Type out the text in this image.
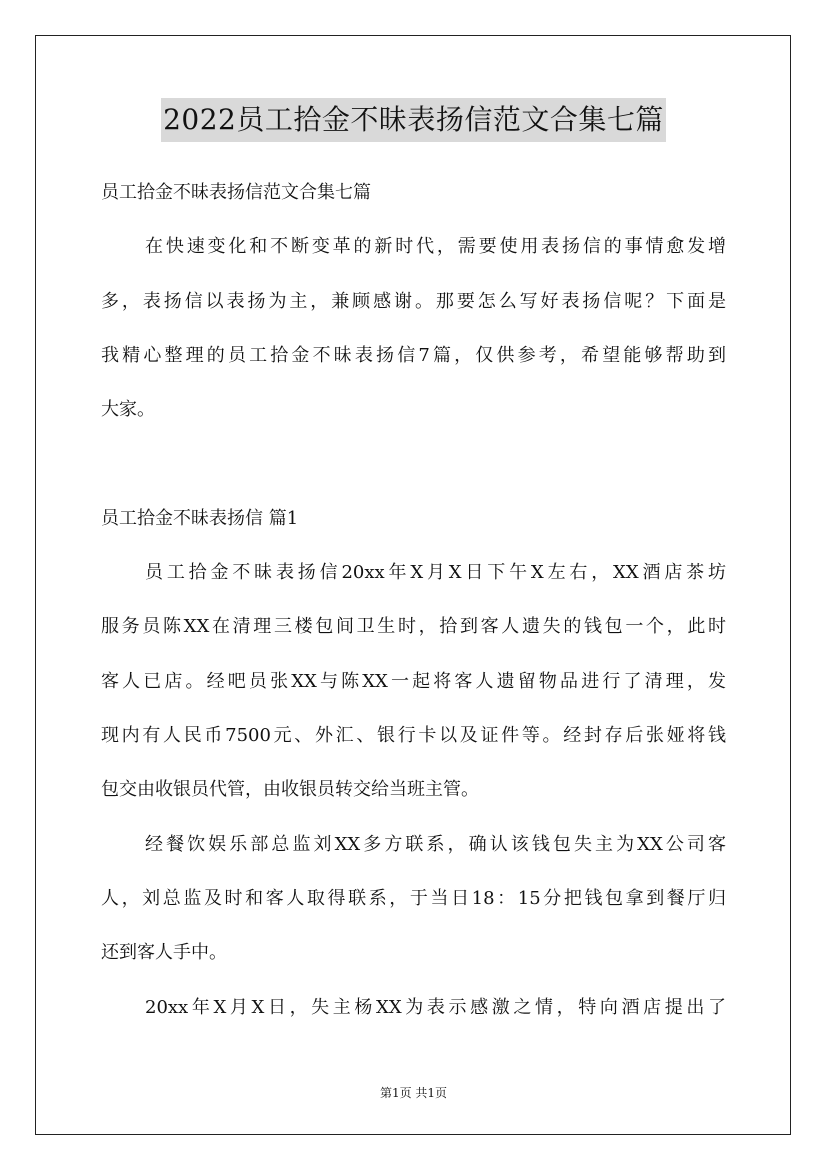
2022员工拾金不昧表扬信范文合集七篇
员工拾金不昧表扬信范文合集七篇
在快速变化和不断变革的新时代，需要使用表扬信的事情愈发增
多，表扬信以表扬为主，兼顾感谢。那要怎么写好表扬信呢？下面是
我精心整理的员工拾金不昧表扬信7篇，仅供参考，希望能够帮助到
大家。
员工拾金不昧表扬信 篇1
员工拾金不昧表扬信20xx年X月X日下午X左右，XX酒店茶坊
服务员陈XX在清理三楼包间卫生时，拾到客人遗失的钱包一个，此时
客人已店。经吧员张XX与陈XX一起将客人遗留物品进行了清理，发
现内有人民币7500元、外汇、银行卡以及证件等。经封存后张娅将钱
包交由收银员代管，由收银员转交给当班主管。
经餐饮娱乐部总监刘XX多方联系，确认该钱包失主为XX公司客
人，刘总监及时和客人取得联系，于当日18：15分把钱包拿到餐厅归
还到客人手中。
20xx年X月X日，失主杨XX为表示感激之情，特向酒店提出了
第1页 共1页
